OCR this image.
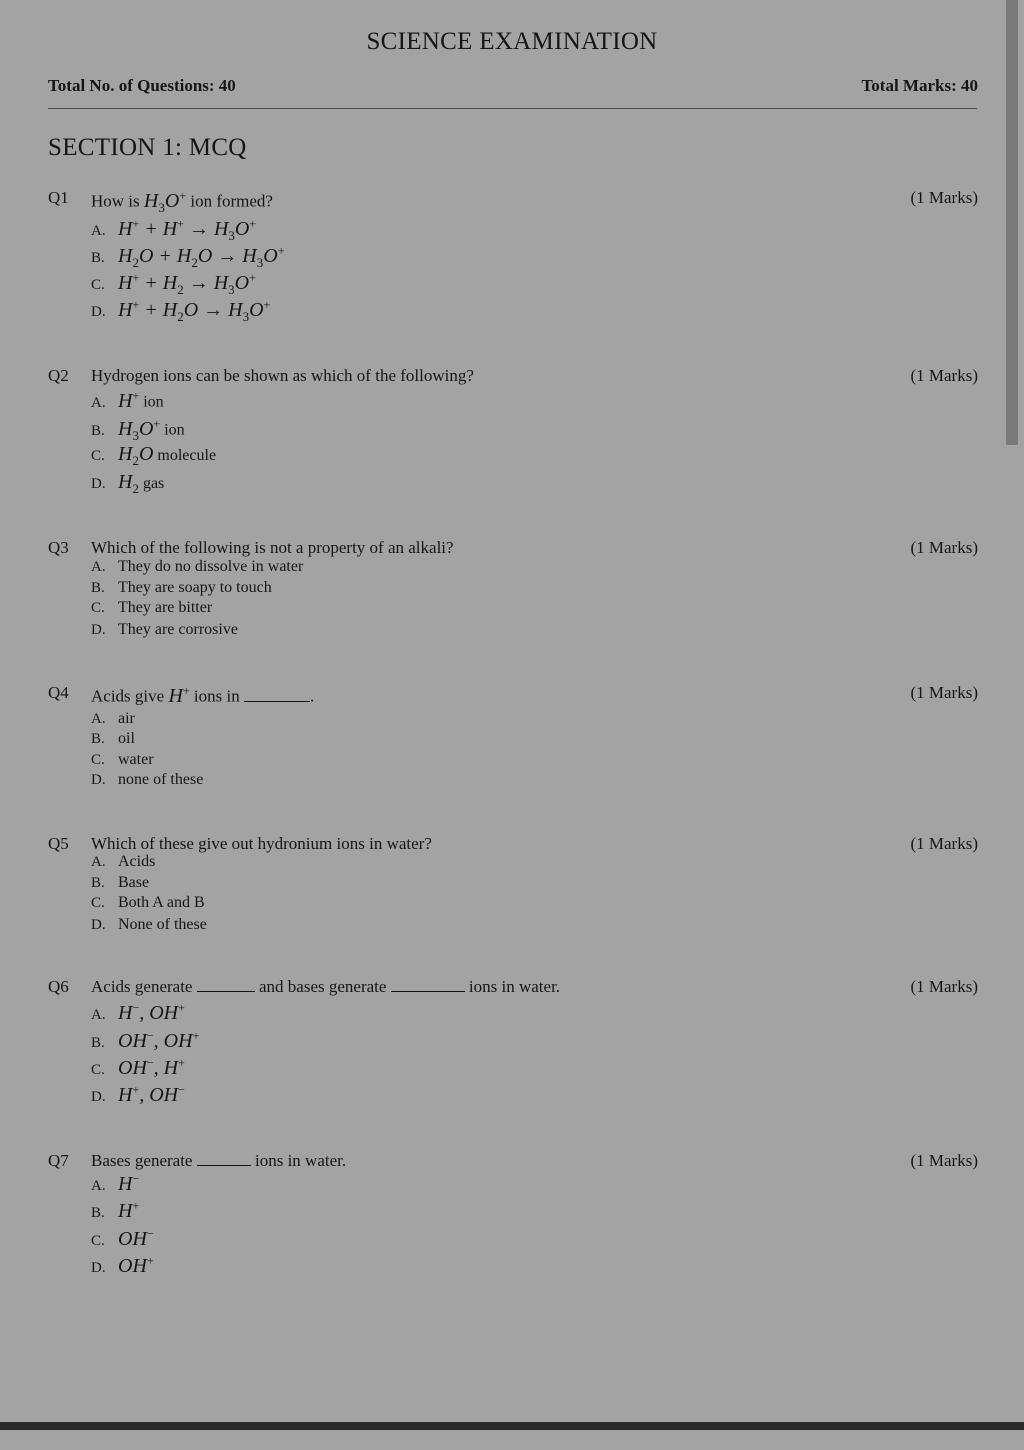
SCIENCE EXAMINATION
Total No. of Questions: 40	Total Marks: 40
SECTION 1: MCQ
Q1 How is $H_3O^+$ ion formed?	(1 Marks)
A. $H^+ + H^+ \to H_3O^+$
B. $H_2O + H_2O \to H_3O^+$
C. $H^+ + H_2 \to H_3O^+$
D. $H^+ + H_2O \to H_3O^+$
Q2 Hydrogen ions can be shown as which of the following?	(1 Marks)
A. H+ ion
B. $H_3O^+$ ion
C. $H_2O$ molecule
D. $H_2$ gas
Q3 Which of the following is not a property of an alkali?	(1 Marks)
A. They do no dissolve in water
B. They are soapy to touch
C. They are bitter
D. They are corrosive
Q4 Acids give H+ ions in	.	(1 Marks)
A. air
B. oil
C. water
D. none of these
Q5 Which of these give out hydronium ions in water?	(1 Marks)
A. Acids
B. Base
C. Both A and B
D. None of these
Q6 Acids generate	and bases generate	ions in water.	(1 Marks)
A. H−, OH+
B. OH−, OH+
C. OH−, H+
D. H+, OH−
Q7 Bases generate	ions in water.	(1 Marks)
A. H−
B. H+
C. OH−
D. OH+
